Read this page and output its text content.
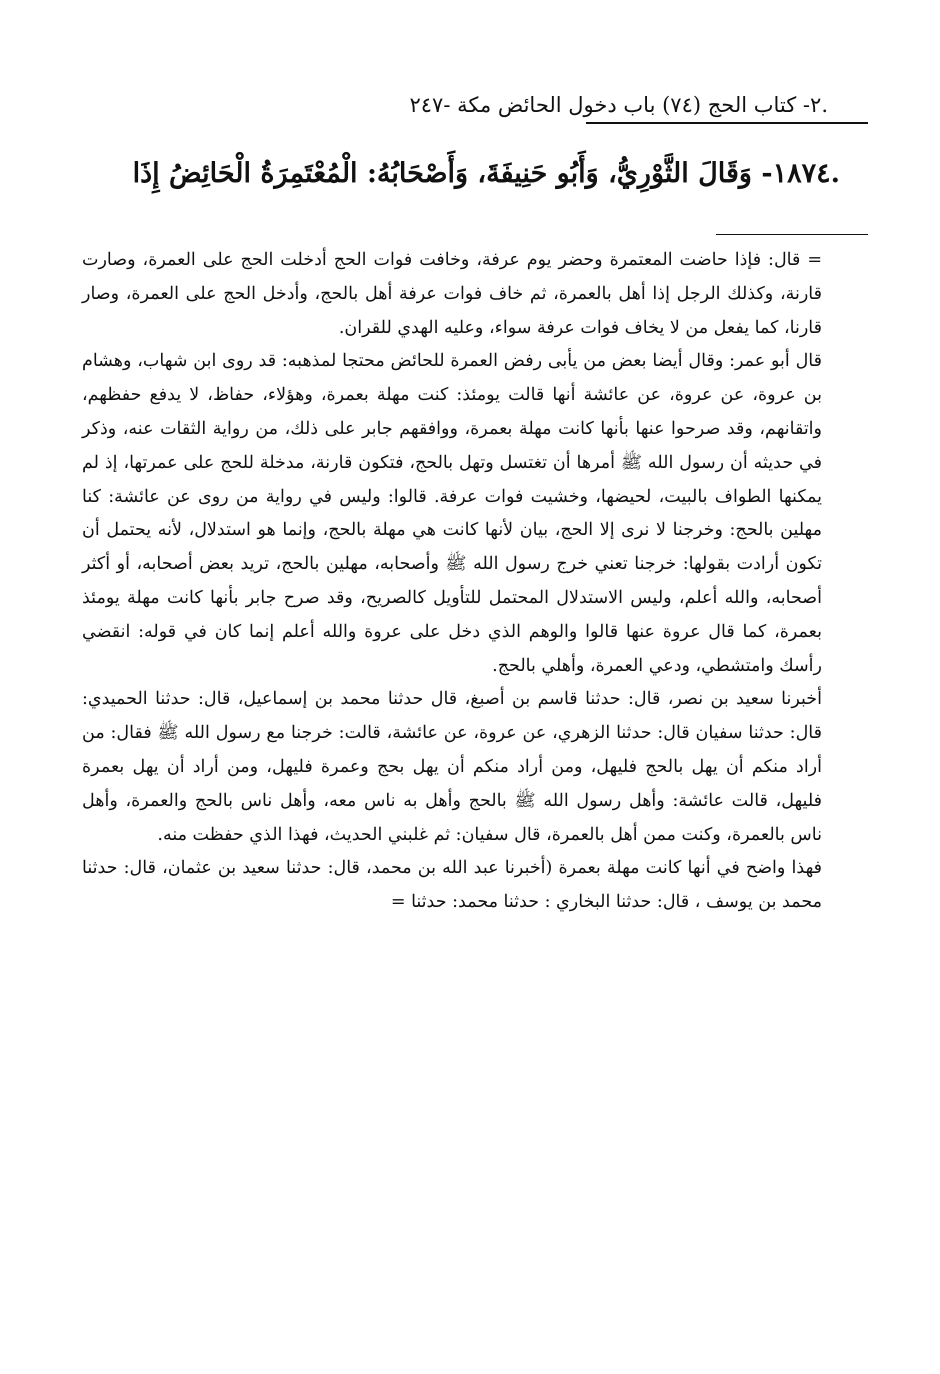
.٢- كتاب الحج (٧٤) باب دخول الحائض مكة -٢٤٧
.١٨٧٤- وَقَالَ الثَّوْرِيُّ، وَأَبُو حَنِيفَةَ، وَأَصْحَابُهُ: الْمُعْتَمِرَةُ الْحَائِضُ إِذَا

= قال: فإذا حاضت المعتمرة وحضر يوم عرفة، وخافت فوات الحج أدخلت الحج على العمرة، وصارت قارنة، وكذلك الرجل إذا أهل بالعمرة، ثم خاف فوات عرفة أهل بالحج، وأدخل الحج على العمرة، وصار قارنا، كما يفعل من لا يخاف فوات عرفة سواء، وعليه الهدي للقران.

قال أبو عمر: وقال أيضا بعض من يأبى رفض العمرة للحائض محتجا لمذهبه: قد روى ابن شهاب، وهشام بن عروة، عن عروة، عن عائشة أنها قالت يومئذ: كنت مهلة بعمرة، وهؤلاء، حفاظ، لا يدفع حفظهم، واتقانهم، وقد صرحوا عنها بأنها كانت مهلة بعمرة، ووافقهم جابر على ذلك، من رواية الثقات عنه، وذكر في حديثه أن رسول الله ﷺ أمرها أن تغتسل وتهل بالحج، فتكون قارنة، مدخلة للحج على عمرتها، إذ لم يمكنها الطواف بالبيت، لحيضها، وخشيت فوات عرفة. قالوا: وليس في رواية من روى عن عائشة: كنا مهلين بالحج: وخرجنا لا نرى إلا الحج، بيان لأنها كانت هي مهلة بالحج، وإنما هو استدلال، لأنه يحتمل أن تكون أرادت بقولها: خرجنا تعني خرج رسول الله ﷺ وأصحابه، مهلين بالحج، تريد بعض أصحابه، أو أكثر أصحابه، والله أعلم، وليس الاستدلال المحتمل للتأويل كالصريح، وقد صرح جابر بأنها كانت مهلة يومئذ بعمرة، كما قال عروة عنها قالوا والوهم الذي دخل على عروة والله أعلم إنما كان في قوله: انقضي رأسك وامتشطي، ودعي العمرة، وأهلي بالحج.

أخبرنا سعيد بن نصر، قال: حدثنا قاسم بن أصبغ، قال حدثنا محمد بن إسماعيل، قال: حدثنا الحميدي: قال: حدثنا سفيان قال: حدثنا الزهري، عن عروة، عن عائشة، قالت: خرجنا مع رسول الله ﷺ فقال: من أراد منكم أن يهل بالحج فليهل، ومن أراد منكم أن يهل بحج وعمرة فليهل، ومن أراد أن يهل بعمرة فليهل، قالت عائشة: وأهل رسول الله ﷺ بالحج وأهل به ناس معه، وأهل ناس بالحج والعمرة، وأهل ناس بالعمرة، وكنت ممن أهل بالعمرة، قال سفيان: ثم غلبني الحديث، فهذا الذي حفظت منه.

فهذا واضح في أنها كانت مهلة بعمرة (أخبرنا عبد الله بن محمد، قال: حدثنا سعيد بن عثمان، قال: حدثنا محمد بن يوسف ، قال: حدثنا البخاري : حدثنا محمد: حدثنا =
